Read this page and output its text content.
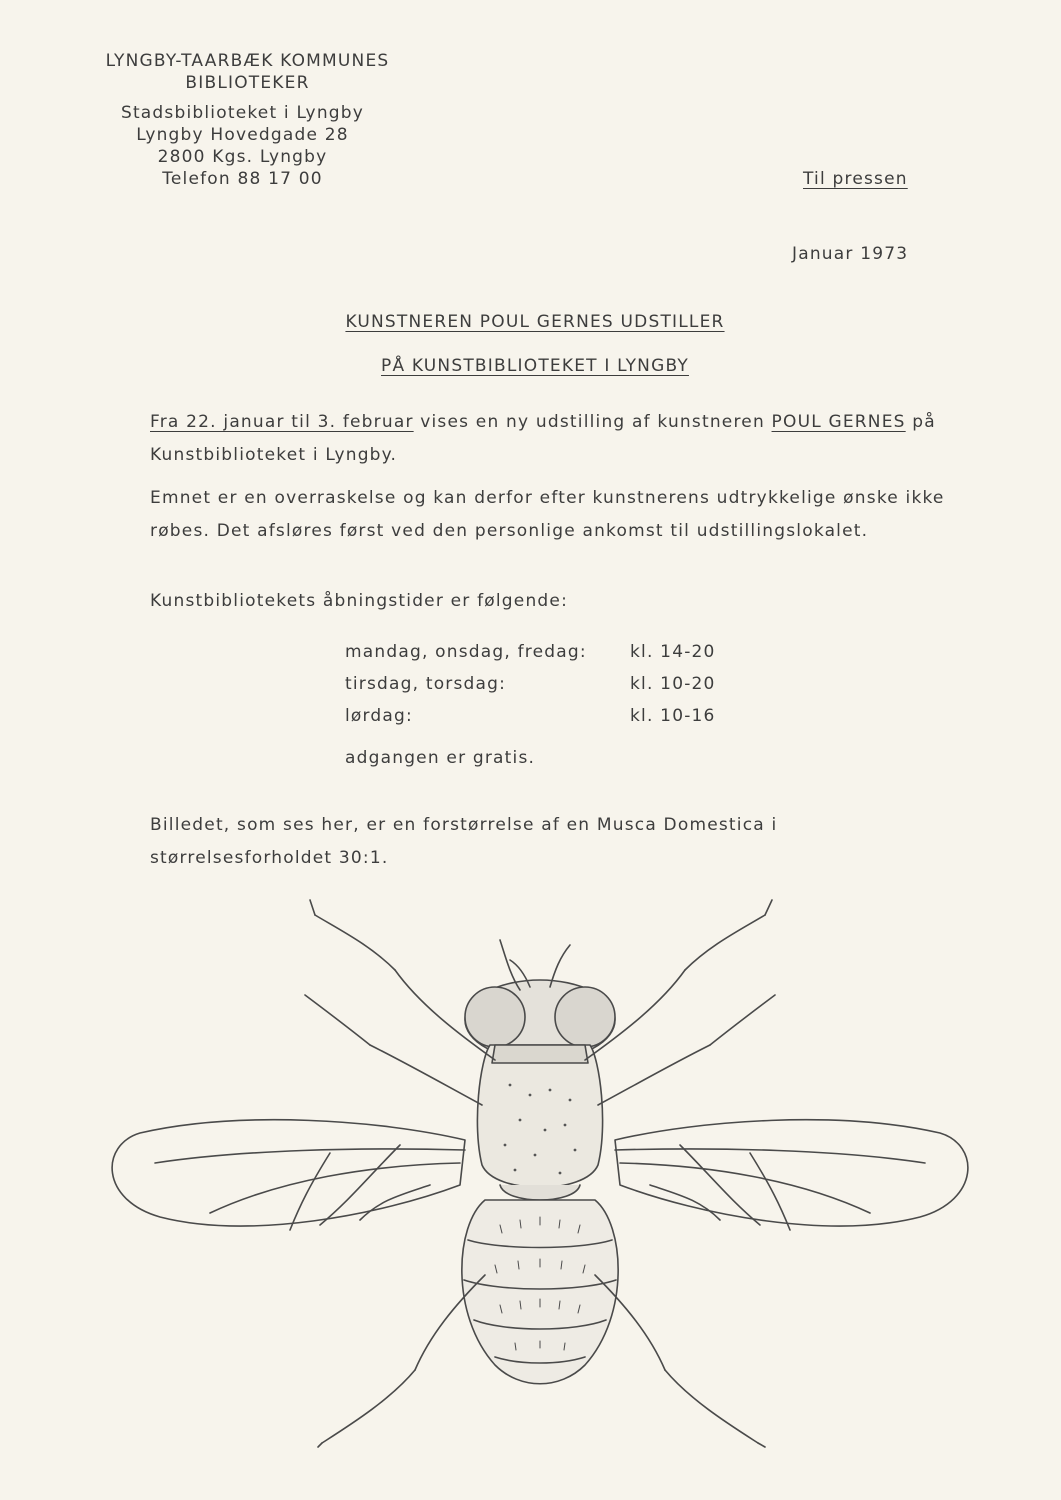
LYNGBY-TAARBÆK KOMMUNES
BIBLIOTEKER
Stadsbiblioteket i Lyngby
Lyngby Hovedgade 28
2800 Kgs. Lyngby
Telefon 88 17 00	Til pressen
Januar 1973
KUNSTNEREN POUL GERNES UDSTILLER
PÅ KUNSTBIBLIOTEKET I LYNGBY
Fra 22. januar til 3. februar vises en ny udstilling af kunstneren POUL GERNES på Kunstbiblioteket i Lyngby.
Emnet er en overraskelse og kan derfor efter kunstnerens udtrykkelige ønske ikke røbes. Det afsløres først ved den personlige ankomst til udstillingslokalet.
Kunstbibliotekets åbningstider er følgende:
mandag, onsdag, fredag:	kl. 14-20
tirsdag, torsdag:	kl. 10-20
lørdag:	kl. 10-16
adgangen er gratis.
Billedet, som ses her, er en forstørrelse af en Musca Domestica i størrelsesforholdet 30:1.
